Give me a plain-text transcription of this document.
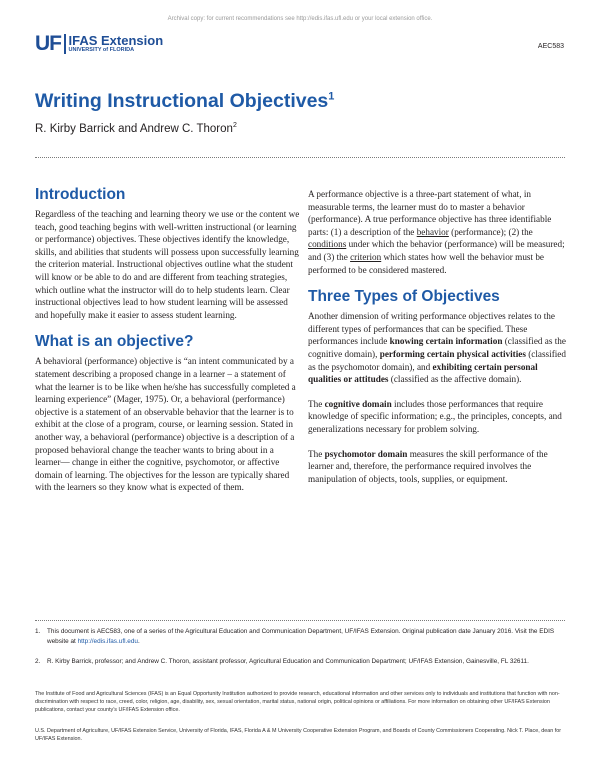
Archival copy: for current recommendations see http://edis.ifas.ufl.edu or your local extension office.
UF IFAS Extension
UNIVERSITY of FLORIDA	AEC583
Writing Instructional Objectives$^1$
R. Kirby Barrick and Andrew C. Thoron$^2$
Introduction

Regardless of the teaching and learning theory we use or the content we teach, good teaching begins with well-written instructional (or learning or performance) objectives. These objectives identify the knowledge, skills, and abilities that students will possess upon successfully learning the criterion material. Instructional objectives outline what the student will know or be able to do and are different from teaching strategies, which outline what the instructor will do to help students learn. Clear instructional objectives lead to how student learning will be assessed and hopefully make it easier to assess student learning.

What is an objective?

A behavioral (performance) objective is “an intent communicated by a statement describing a proposed change in a learner – a statement of what the learner is to be like when he/she has successfully completed a learning experience” (Mager, 1975). Or, a behavioral (performance) objective is a statement of an observable behavior that the learner is to exhibit at the close of a program, course, or learning session. Stated in another way, a behavioral (performance) objective is a description of a proposed behavioral change the teacher wants to bring about in a learner— change in either the cognitive, psychomotor, or affective domain of learning. The objectives for the lesson are typically shared with the learners so they know what is expected of them.

A performance objective is a three-part statement of what, in measurable terms, the learner must do to master a behavior (performance). A true performance objective has three identifiable parts: (1) a description of the behavior (performance); (2) the conditions under which the behavior (performance) will be measured; and (3) the criterion which states how well the behavior must be performed to be considered mastered.

Three Types of Objectives

Another dimension of writing performance objectives relates to the different types of performances that can be specified. These performances include knowing certain information (classified as the cognitive domain), performing certain physical activities (classified as the psychomotor domain), and exhibiting certain personal qualities or attitudes (classified as the affective domain).

The cognitive domain includes those performances that require knowledge of specific information; e.g., the principles, concepts, and generalizations necessary for problem solving.

The psychomotor domain measures the skill performance of the learner and, therefore, the performance required involves the manipulation of objects, tools, supplies, or equipment.

1. This document is AEC583, one of a series of the Agricultural Education and Communication Department, UF/IFAS Extension. Original publication date January 2016. Visit the EDIS website at http://edis.ifas.ufl.edu.
2. R. Kirby Barrick, professor; and Andrew C. Thoron, assistant professor, Agricultural Education and Communication Department; UF/IFAS Extension, Gainesville, FL 32611.
The Institute of Food and Agricultural Sciences (IFAS) is an Equal Opportunity Institution authorized to provide research, educational information and other services only to individuals and institutions that function with non-discrimination with respect to race, creed, color, religion, age, disability, sex, sexual orientation, marital status, national origin, political opinions or affiliations. For more information on obtaining other UF/IFAS Extension publications, contact your county’s UF/IFAS Extension office.
U.S. Department of Agriculture, UF/IFAS Extension Service, University of Florida, IFAS, Florida A & M University Cooperative Extension Program, and Boards of County Commissioners Cooperating. Nick T. Place, dean for UF/IFAS Extension.
